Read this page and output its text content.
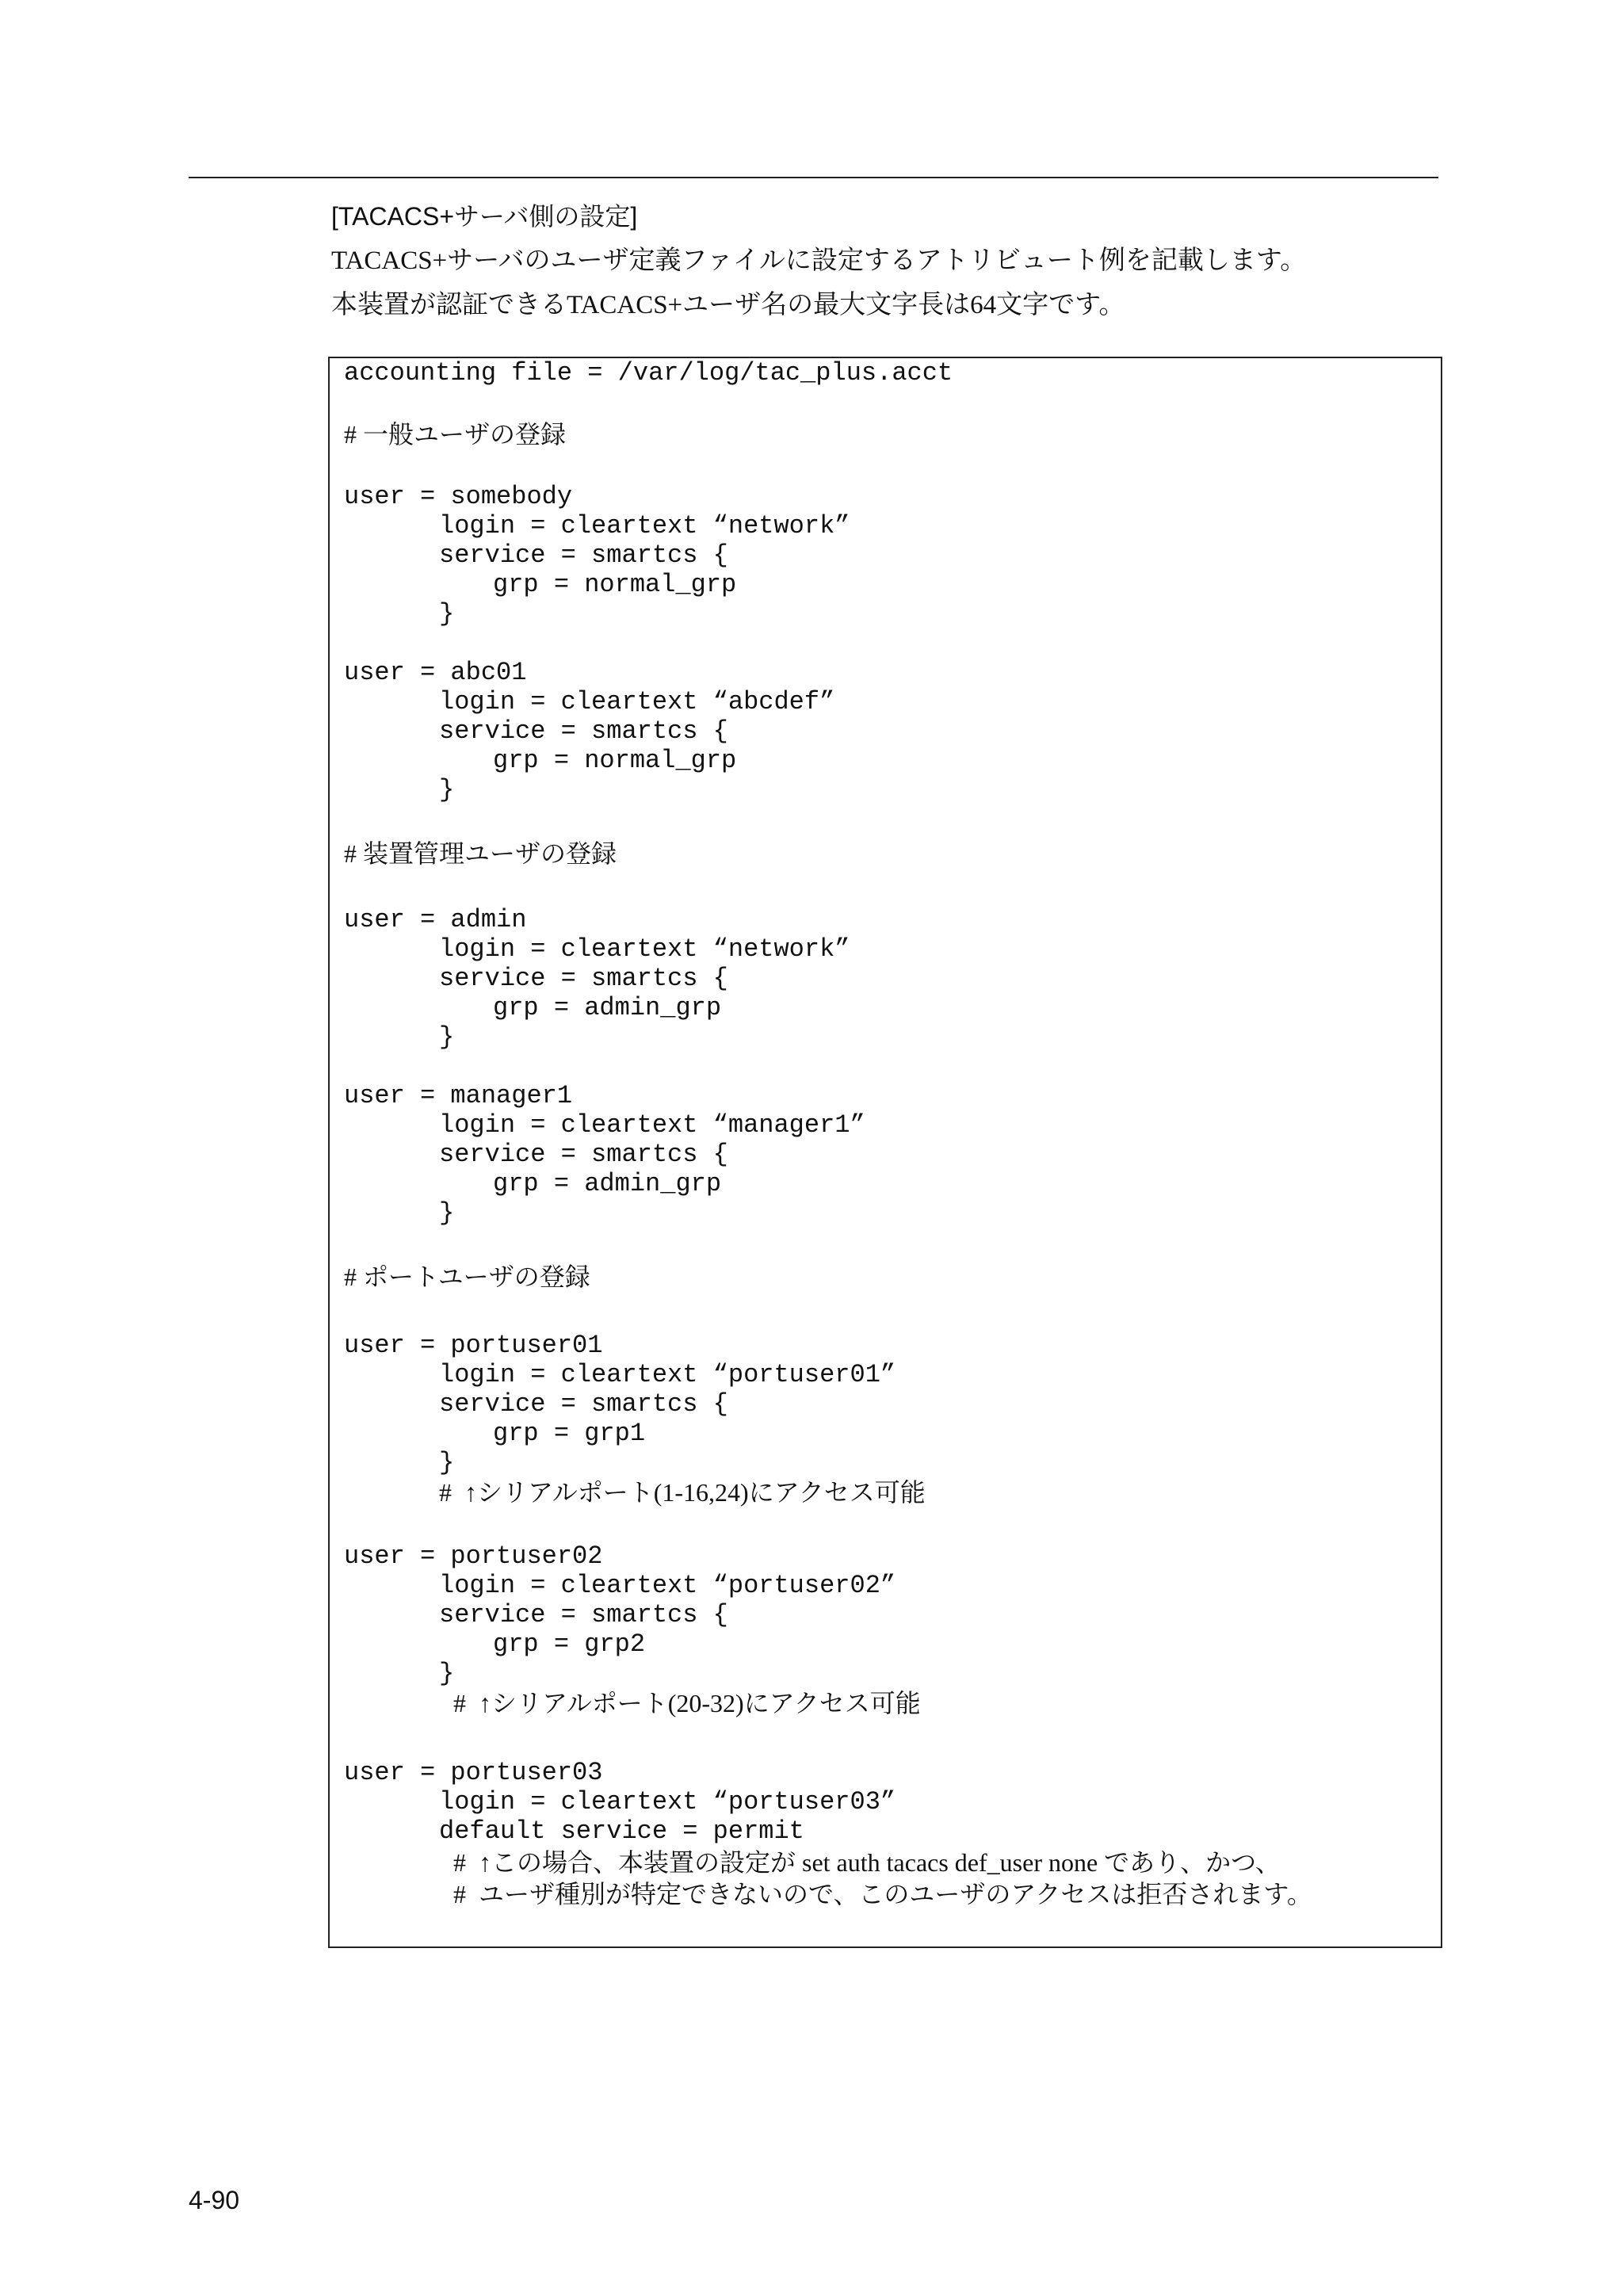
[TACACS+サーバ側の設定]
TACACS+サーバのユーザ定義ファイルに設定するアトリビュート例を記載します。
本装置が認証できるTACACS+ユーザ名の最大文字長は64文字です。
accounting file = /var/log/tac_plus.acct
# 一般ユーザの登録
user = somebody
login = cleartext “network”
service = smartcs {
grp = normal_grp
}
user = abc01
login = cleartext “abcdef”
service = smartcs {
grp = normal_grp
}
# 装置管理ユーザの登録
user = admin
login = cleartext “network”
service = smartcs {
grp = admin_grp
}
user = manager1
login = cleartext “manager1”
service = smartcs {
grp = admin_grp
}
# ポートユーザの登録
user = portuser01
login = cleartext “portuser01”
service = smartcs {
grp = grp1
}
#  ↑シリアルポート(1-16,24)にアクセス可能
user = portuser02
login = cleartext “portuser02”
service = smartcs {
grp = grp2
}
#  ↑シリアルポート(20-32)にアクセス可能
user = portuser03
login = cleartext “portuser03”
default service = permit
#  ↑この場合、本装置の設定が set auth tacacs def_user none であり、かつ、
#  ユーザ種別が特定できないので、このユーザのアクセスは拒否されます。
4-90
